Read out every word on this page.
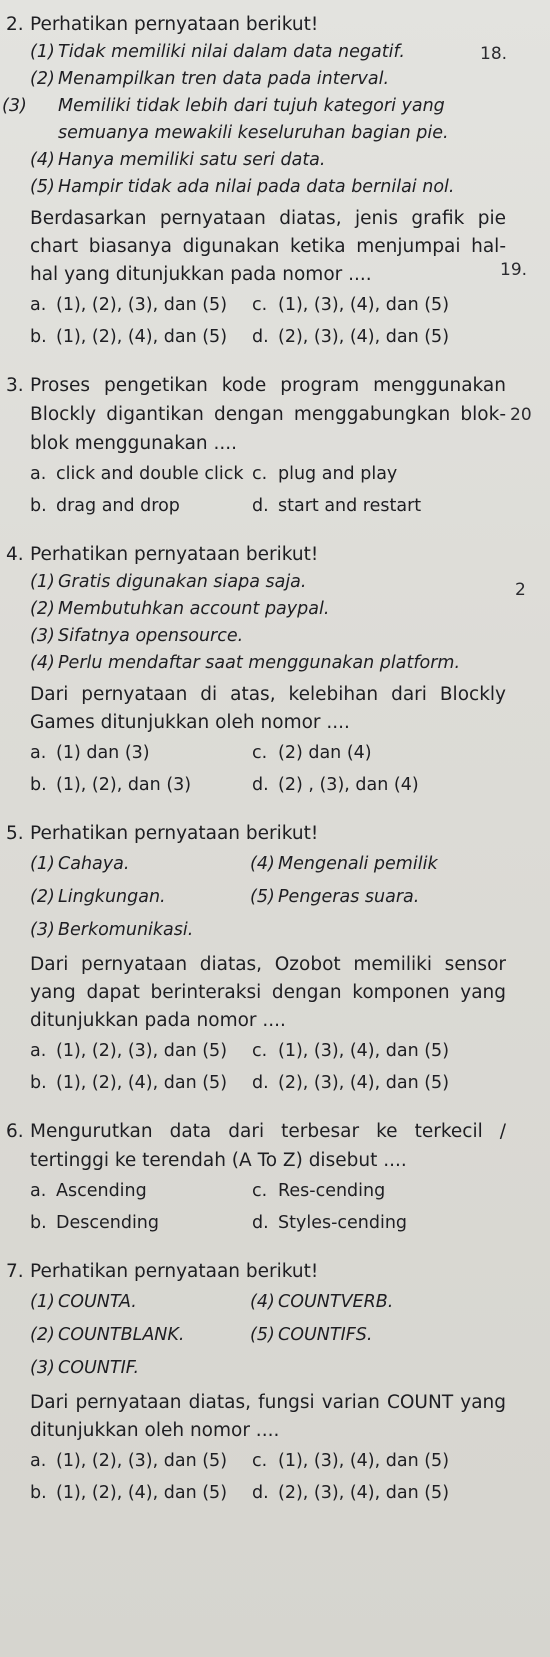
18.
19.
20
2
2. Perhatikan pernyataan berikut!
(1) Tidak memiliki nilai dalam data negatif.
(2) Menampilkan tren data pada interval.
(3) Memiliki tidak lebih dari tujuh kategori yang semuanya mewakili keseluruhan bagian pie.
(4) Hanya memiliki satu seri data.
(5) Hampir tidak ada nilai pada data bernilai nol.
Berdasarkan pernyataan diatas, jenis grafik pie chart biasanya digunakan ketika menjumpai hal-hal yang ditunjukkan pada nomor ....
a. (1), (2), (3), dan (5)	c. (1), (3), (4), dan (5)
b. (1), (2), (4), dan (5)	d. (2), (3), (4), dan (5)
3. Proses pengetikan kode program menggunakan Blockly digantikan dengan menggabungkan blok-blok menggunakan ....
a. click and double click c. plug and play
b. drag and drop	d. start and restart
4. Perhatikan pernyataan berikut!
(1) Gratis digunakan siapa saja.
(2) Membutuhkan account paypal.
(3) Sifatnya opensource.
(4) Perlu mendaftar saat menggunakan platform.
Dari pernyataan di atas, kelebihan dari Blockly Games ditunjukkan oleh nomor ....
a. (1) dan (3)	c. (2) dan (4)
b. (1), (2), dan (3)	d. (2) , (3), dan (4)
5. Perhatikan pernyataan berikut!
(1) Cahaya.	(4) Mengenali pemilik
(2) Lingkungan.	(5) Pengeras suara.
(3) Berkomunikasi.
Dari pernyataan diatas, Ozobot memiliki sensor yang dapat berinteraksi dengan komponen yang ditunjukkan pada nomor ....
a. (1), (2), (3), dan (5)	c. (1), (3), (4), dan (5)
b. (1), (2), (4), dan (5)	d. (2), (3), (4), dan (5)
6. Mengurutkan data dari terbesar ke terkecil / tertinggi ke terendah (A To Z) disebut ....
a. Ascending	c. Res-cending
b. Descending	d. Styles-cending
7. Perhatikan pernyataan berikut!
(1) COUNTA.	(4) COUNTVERB.
(2) COUNTBLANK.	(5) COUNTIFS.
(3) COUNTIF.
Dari pernyataan diatas, fungsi varian COUNT yang ditunjukkan oleh nomor ....
a. (1), (2), (3), dan (5)	c. (1), (3), (4), dan (5)
b. (1), (2), (4), dan (5)	d. (2), (3), (4), dan (5)
